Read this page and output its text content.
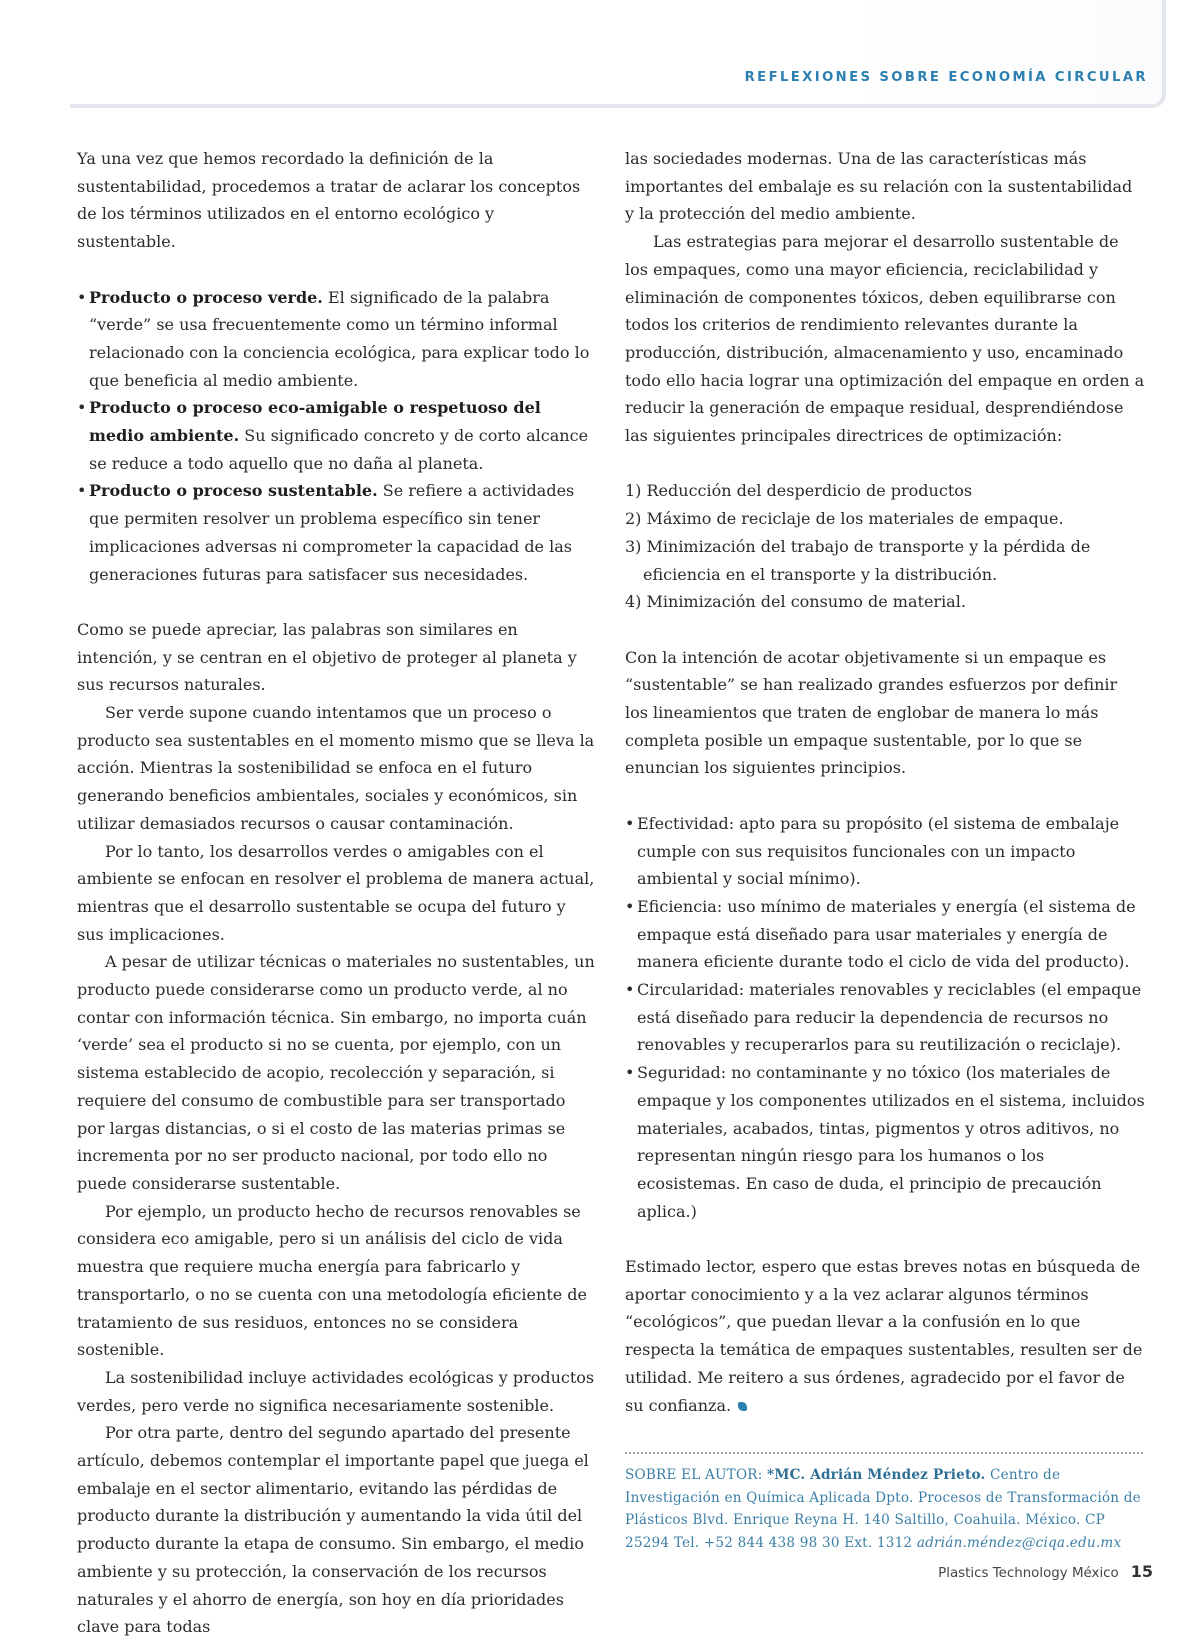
REFLEXIONES SOBRE ECONOMÍA CIRCULAR

Ya una vez que hemos recordado la definición de la sustentabilidad, procedemos a tratar de aclarar los conceptos de los términos utilizados en el entorno ecológico y sustentable.

• Producto o proceso verde. El significado de la palabra “verde” se usa frecuentemente como un término informal relacionado con la conciencia ecológica, para explicar todo lo que beneficia al medio ambiente.
• Producto o proceso eco-amigable o respetuoso del medio ambiente. Su significado concreto y de corto alcance se reduce a todo aquello que no daña al planeta.
• Producto o proceso sustentable. Se refiere a actividades que permiten resolver un problema específico sin tener implicaciones adversas ni comprometer la capacidad de las generaciones futuras para satisfacer sus necesidades.

Como se puede apreciar, las palabras son similares en intención, y se centran en el objetivo de proteger al planeta y sus recursos naturales.

Ser verde supone cuando intentamos que un proceso o producto sea sustentables en el momento mismo que se lleva la acción. Mientras la sostenibilidad se enfoca en el futuro generando beneficios ambientales, sociales y económicos, sin utilizar demasiados recursos o causar contaminación.

Por lo tanto, los desarrollos verdes o amigables con el ambiente se enfocan en resolver el problema de manera actual, mientras que el desarrollo sustentable se ocupa del futuro y sus implicaciones.

A pesar de utilizar técnicas o materiales no sustentables, un producto puede considerarse como un producto verde, al no contar con información técnica. Sin embargo, no importa cuán ‘verde’ sea el producto si no se cuenta, por ejemplo, con un sistema establecido de acopio, recolección y separación, si requiere del consumo de combustible para ser transportado por largas distancias, o si el costo de las materias primas se incrementa por no ser producto nacional, por todo ello no puede considerarse sustentable.

Por ejemplo, un producto hecho de recursos renovables se considera eco amigable, pero si un análisis del ciclo de vida muestra que requiere mucha energía para fabricarlo y transportarlo, o no se cuenta con una metodología eficiente de tratamiento de sus residuos, entonces no se considera sostenible.

La sostenibilidad incluye actividades ecológicas y productos verdes, pero verde no significa necesariamente sostenible.

Por otra parte, dentro del segundo apartado del presente artículo, debemos contemplar el importante papel que juega el embalaje en el sector alimentario, evitando las pérdidas de producto durante la distribución y aumentando la vida útil del producto durante la etapa de consumo. Sin embargo, el medio ambiente y su protección, la conservación de los recursos naturales y el ahorro de energía, son hoy en día prioridades clave para todas

las sociedades modernas. Una de las características más importantes del embalaje es su relación con la sustentabilidad y la protección del medio ambiente.

Las estrategias para mejorar el desarrollo sustentable de los empaques, como una mayor eficiencia, reciclabilidad y eliminación de componentes tóxicos, deben equilibrarse con todos los criterios de rendimiento relevantes durante la producción, distribución, almacenamiento y uso, encaminado todo ello hacia lograr una optimización del empaque en orden a reducir la generación de empaque residual, desprendiéndose las siguientes principales directrices de optimización:

1) Reducción del desperdicio de productos
2) Máximo de reciclaje de los materiales de empaque.
3) Minimización del trabajo de transporte y la pérdida de eficiencia en el transporte y la distribución.
4) Minimización del consumo de material.

Con la intención de acotar objetivamente si un empaque es “sustentable” se han realizado grandes esfuerzos por definir los lineamientos que traten de englobar de manera lo más completa posible un empaque sustentable, por lo que se enuncian los siguientes principios.

• Efectividad: apto para su propósito (el sistema de embalaje cumple con sus requisitos funcionales con un impacto ambiental y social mínimo).
• Eficiencia: uso mínimo de materiales y energía (el sistema de empaque está diseñado para usar materiales y energía de manera eficiente durante todo el ciclo de vida del producto).
• Circularidad: materiales renovables y reciclables (el empaque está diseñado para reducir la dependencia de recursos no renovables y recuperarlos para su reutilización o reciclaje).
• Seguridad: no contaminante y no tóxico (los materiales de empaque y los componentes utilizados en el sistema, incluidos materiales, acabados, tintas, pigmentos y otros aditivos, no representan ningún riesgo para los humanos o los ecosistemas. En caso de duda, el principio de precaución aplica.)

Estimado lector, espero que estas breves notas en búsqueda de aportar conocimiento y a la vez aclarar algunos términos “ecológicos”, que puedan llevar a la confusión en lo que respecta la temática de empaques sustentables, resulten ser de utilidad. Me reitero a sus órdenes, agradecido por el favor de su confianza.

SOBRE EL AUTOR: *MC. Adrián Méndez Prieto. Centro de Investigación en Química Aplicada Dpto. Procesos de Transformación de Plásticos Blvd. Enrique Reyna H. 140 Saltillo, Coahuila. México. CP 25294 Tel. +52 844 438 98 30 Ext. 1312 adrián.méndez@ciqa.edu.mx
Plastics Technology México 15
